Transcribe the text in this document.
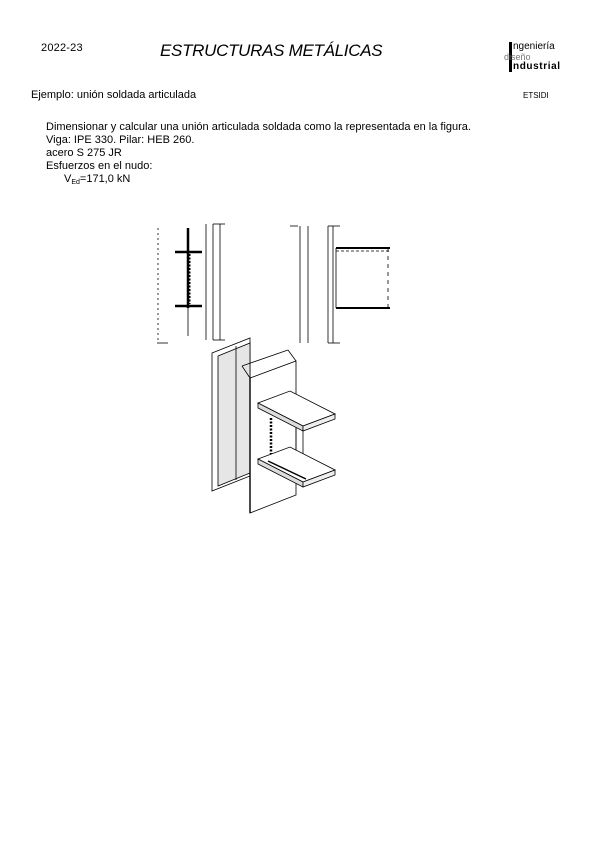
2022-23	ESTRUCTURAS METÁLICAS	ngeniería
diseño
ndustrial
Ejemplo: unión soldada articulada	ETSIDI
Dimensionar y calcular una unión articulada soldada como la representada en la figura.
Viga: IPE 330. Pilar: HEB 260.
acero S 275 JR
Esfuerzos en el nudo:
$V_{Ed}=171,0$ kN
